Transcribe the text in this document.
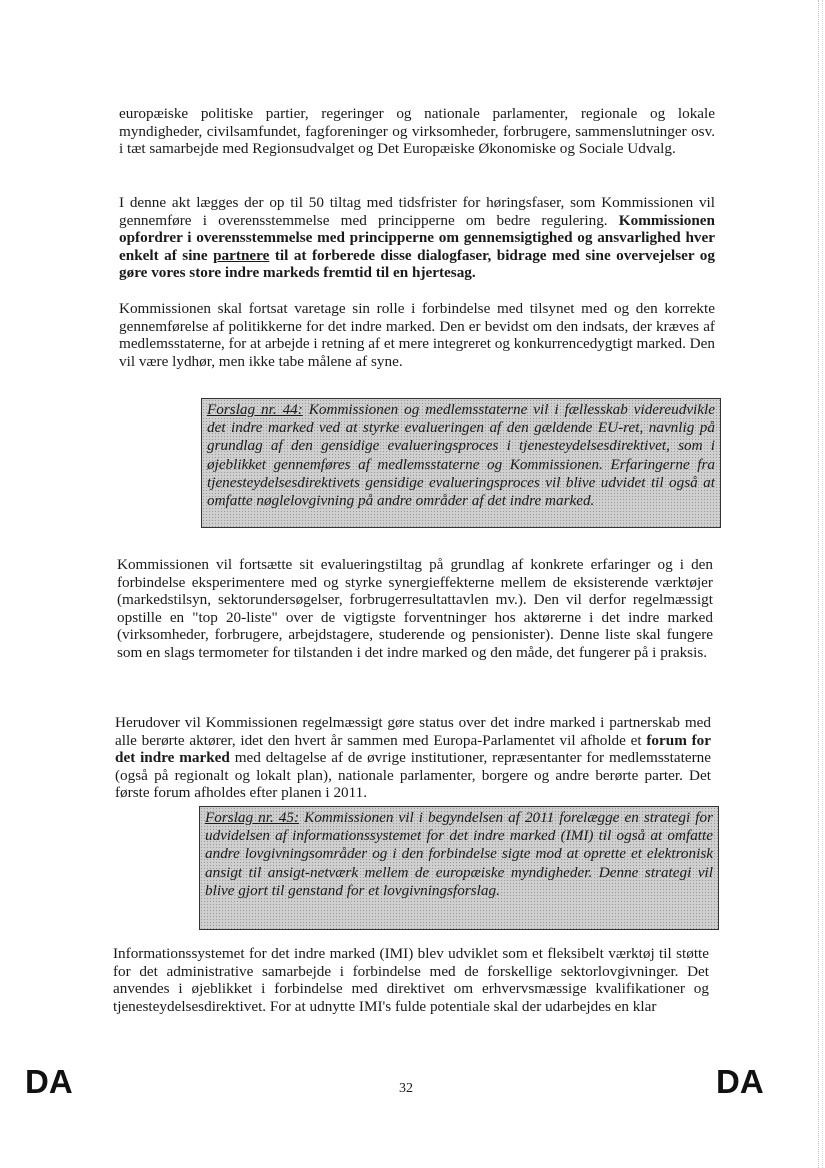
europæiske politiske partier, regeringer og nationale parlamenter, regionale og lokale myndigheder, civilsamfundet, fagforeninger og virksomheder, forbrugere, sammenslutninger osv. i tæt samarbejde med Regionsudvalget og Det Europæiske Økonomiske og Sociale Udvalg.

I denne akt lægges der op til 50 tiltag med tidsfrister for høringsfaser, som Kommissionen vil gennemføre i overensstemmelse med principperne om bedre regulering. Kommissionen opfordrer i overensstemmelse med principperne om gennemsigtighed og ansvarlighed hver enkelt af sine partnere til at forberede disse dialogfaser, bidrage med sine overvejelser og gøre vores store indre markeds fremtid til en hjertesag.

Kommissionen skal fortsat varetage sin rolle i forbindelse med tilsynet med og den korrekte gennemførelse af politikkerne for det indre marked. Den er bevidst om den indsats, der kræves af medlemsstaterne, for at arbejde i retning af et mere integreret og konkurrencedygtigt marked. Den vil være lydhør, men ikke tabe målene af syne.

Forslag nr. 44: Kommissionen og medlemsstaterne vil i fællesskab videreudvikle det indre marked ved at styrke evalueringen af den gældende EU-ret, navnlig på grundlag af den gensidige evalueringsproces i tjenesteydelsesdirektivet, som i øjeblikket gennemføres af medlemsstaterne og Kommissionen. Erfaringerne fra tjenesteydelsesdirektivets gensidige evalueringsproces vil blive udvidet til også at omfatte nøglelovgivning på andre områder af det indre marked.

Kommissionen vil fortsætte sit evalueringstiltag på grundlag af konkrete erfaringer og i den forbindelse eksperimentere med og styrke synergieffekterne mellem de eksisterende værktøjer (markedstilsyn, sektorundersøgelser, forbrugerresultattavlen mv.). Den vil derfor regelmæssigt opstille en "top 20-liste" over de vigtigste forventninger hos aktørerne i det indre marked (virksomheder, forbrugere, arbejdstagere, studerende og pensionister). Denne liste skal fungere som en slags termometer for tilstanden i det indre marked og den måde, det fungerer på i praksis.

Herudover vil Kommissionen regelmæssigt gøre status over det indre marked i partnerskab med alle berørte aktører, idet den hvert år sammen med Europa-Parlamentet vil afholde et forum for det indre marked med deltagelse af de øvrige institutioner, repræsentanter for medlemsstaterne (også på regionalt og lokalt plan), nationale parlamenter, borgere og andre berørte parter. Det første forum afholdes efter planen i 2011.

Forslag nr. 45: Kommissionen vil i begyndelsen af 2011 forelægge en strategi for udvidelsen af informationssystemet for det indre marked (IMI) til også at omfatte andre lovgivningsområder og i den forbindelse sigte mod at oprette et elektronisk ansigt til ansigt-netværk mellem de europæiske myndigheder. Denne strategi vil blive gjort til genstand for et lovgivningsforslag.

Informationssystemet for det indre marked (IMI) blev udviklet som et fleksibelt værktøj til støtte for det administrative samarbejde i forbindelse med de forskellige sektorlovgivninger. Det anvendes i øjeblikket i forbindelse med direktivet om erhvervsmæssige kvalifikationer og tjenesteydelsesdirektivet. For at udnytte IMI's fulde potentiale skal der udarbejdes en klar

DA	32	DA
